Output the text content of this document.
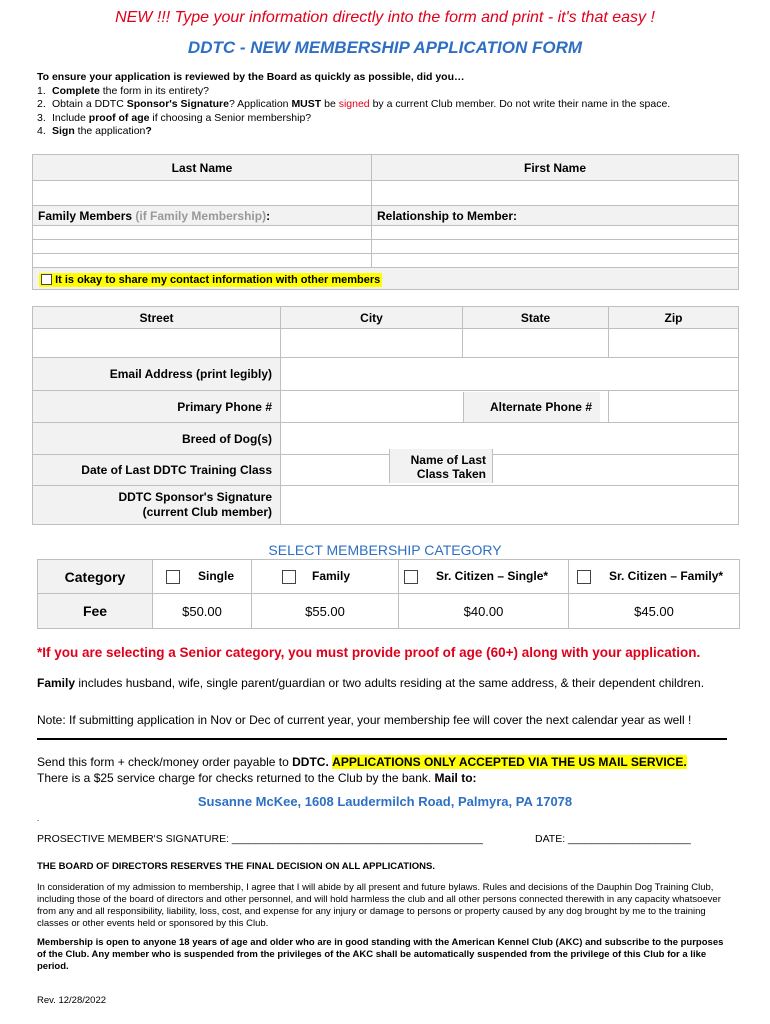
NEW !!! Type your information directly into the form and print - it's that easy !
DDTC - NEW MEMBERSHIP APPLICATION FORM
To ensure your application is reviewed by the Board as quickly as possible, did you…
1. Complete the form in its entirety?
2. Obtain a DDTC Sponsor's Signature? Application MUST be signed by a current Club member. Do not write their name in the space.
3. Include proof of age if choosing a Senior membership?
4. Sign the application?
Last Name	First Name

Family Members (if Family Membership):	Relationship to Member:

It is okay to share my contact information with other members	
Street	City	State	Zip

Email Address (print legibly)			
Primary Phone #	Alternate Phone #		

Breed of Dog(s)			
Date of Last DDTC Training Class	Name of Last
Class Taken		

DDTC Sponsor's Signature
(current Club member)			

SELECT MEMBERSHIP CATEGORY
Category	Single	Family	Sr. Citizen – Single*	Sr. Citizen – Family*
Fee	$50.00	$55.00	$40.00	$45.00
*If you are selecting a Senior category, you must provide proof of age (60+) along with your application.
Family includes husband, wife, single parent/guardian or two adults residing at the same address, & their dependent children.
Note: If submitting application in Nov or Dec of current year, your membership fee will cover the next calendar year as well !
Send this form + check/money order payable to DDTC. APPLICATIONS ONLY ACCEPTED VIA THE US MAIL SERVICE.
There is a $25 service charge for checks returned to the Club by the bank. Mail to:
Susanne McKee, 1608 Laudermilch Road, Palmyra, PA 17078
.
PROSECTIVE MEMBER'S SIGNATURE: ___________________________________________	DATE: _____________________
THE BOARD OF DIRECTORS RESERVES THE FINAL DECISION ON ALL APPLICATIONS.
In consideration of my admission to membership, I agree that I will abide by all present and future bylaws. Rules and decisions of the Dauphin Dog Training Club, including those of the board of directors and other personnel, and will hold harmless the club and all other persons connected therewith in any capacity whatsoever from any and all responsibility, liability, loss, cost, and expense for any injury or damage to persons or property caused by any dog brought by me to the training classes or other events held or sponsored by this Club.
Membership is open to anyone 18 years of age and older who are in good standing with the American Kennel Club (AKC) and subscribe to the purposes of the Club. Any member who is suspended from the privileges of the AKC shall be automatically suspended from the privilege of this Club for a like period.
Rev. 12/28/2022
